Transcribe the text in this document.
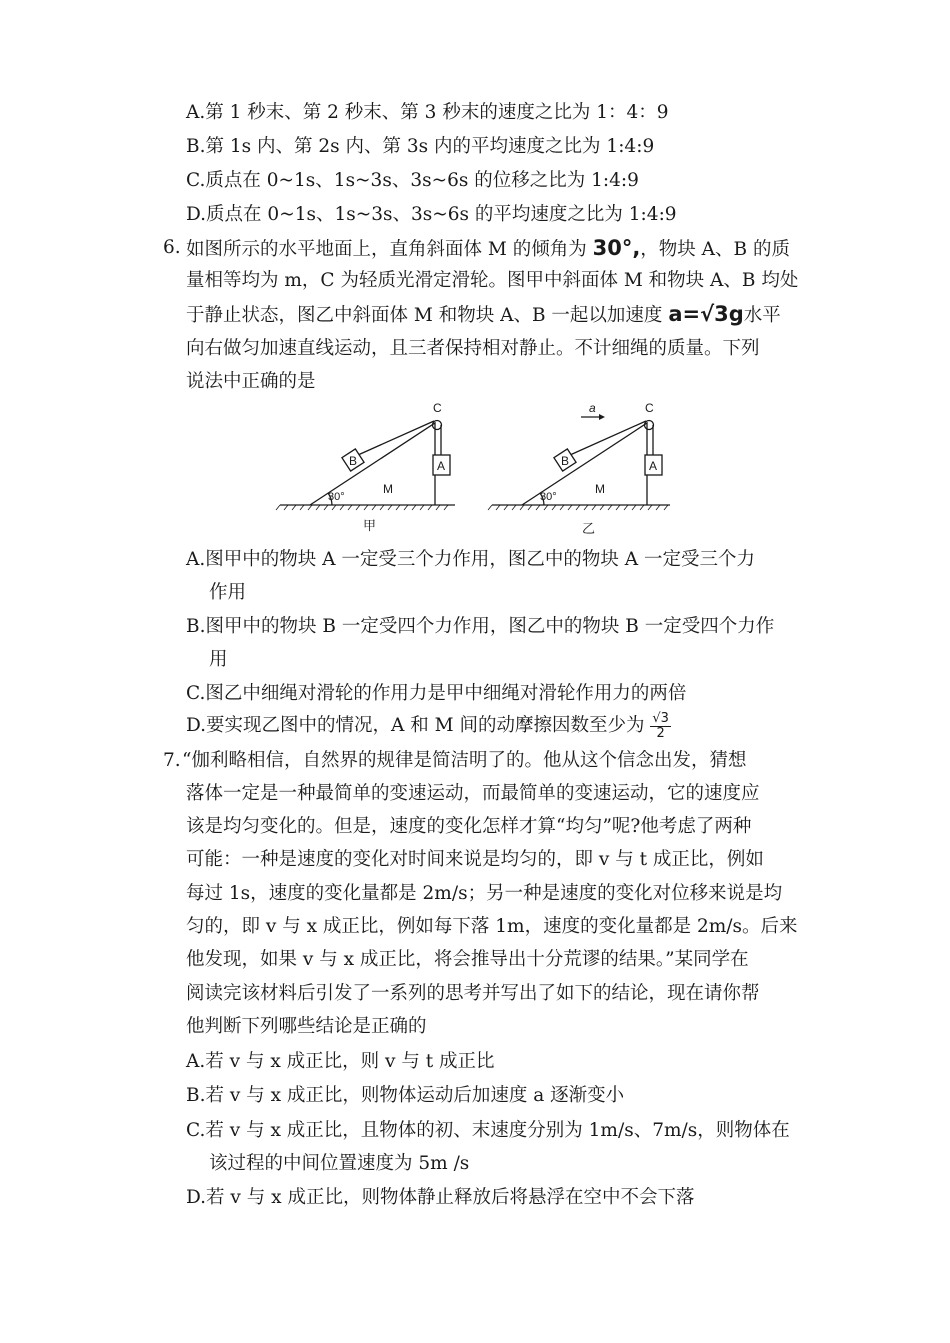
A.第 1 秒末、第 2 秒末、第 3 秒末的速度之比为 1：4：9
B.第 1s 内、第 2s 内、第 3s 内的平均速度之比为 1:4:9
C.质点在 0~1s、1s~3s、3s~6s 的位移之比为 1:4:9
D.质点在 0~1s、1s~3s、3s~6s 的平均速度之比为 1:4:9
6. 如图所示的水平地面上，直角斜面体 M 的倾角为 30°,，物块 A、B 的质
量相等均为 m，C 为轻质光滑定滑轮。图甲中斜面体 M 和物块 A、B 均处
于静止状态，图乙中斜面体 M 和物块 A、B 一起以加速度 a=√3g水平
向右做匀加速直线运动，且三者保持相对静止。不计细绳的质量。下列
说法中正确的是
C
A
B
M
30°
C
A
B
M
30°
a
甲	乙
A.图甲中的物块 A 一定受三个力作用，图乙中的物块 A 一定受三个力
作用
B.图甲中的物块 B 一定受四个力作用，图乙中的物块 B 一定受四个力作
用
C.图乙中细绳对滑轮的作用力是甲中细绳对滑轮作用力的两倍
D.要实现乙图中的情况，A 和 M 间的动摩擦因数至少为 $\frac{√3}{2}$
7. “伽利略相信，自然界的规律是简洁明了的。他从这个信念出发，猜想
落体一定是一种最简单的变速运动，而最简单的变速运动，它的速度应
该是均匀变化的。但是，速度的变化怎样才算“均匀”呢?他考虑了两种
可能：一种是速度的变化对时间来说是均匀的，即 v 与 t 成正比，例如
每过 1s，速度的变化量都是 2m/s；另一种是速度的变化对位移来说是均
匀的，即 v 与 x 成正比，例如每下落 1m，速度的变化量都是 2m/s。后来
他发现，如果 v 与 x 成正比，将会推导出十分荒谬的结果。”某同学在
阅读完该材料后引发了一系列的思考并写出了如下的结论，现在请你帮
他判断下列哪些结论是正确的
A.若 v 与 x 成正比，则 v 与 t 成正比
B.若 v 与 x 成正比，则物体运动后加速度 a 逐渐变小
C.若 v 与 x 成正比，且物体的初、末速度分别为 1m/s、7m/s，则物体在
该过程的中间位置速度为 5m /s
D.若 v 与 x 成正比，则物体静止释放后将悬浮在空中不会下落
